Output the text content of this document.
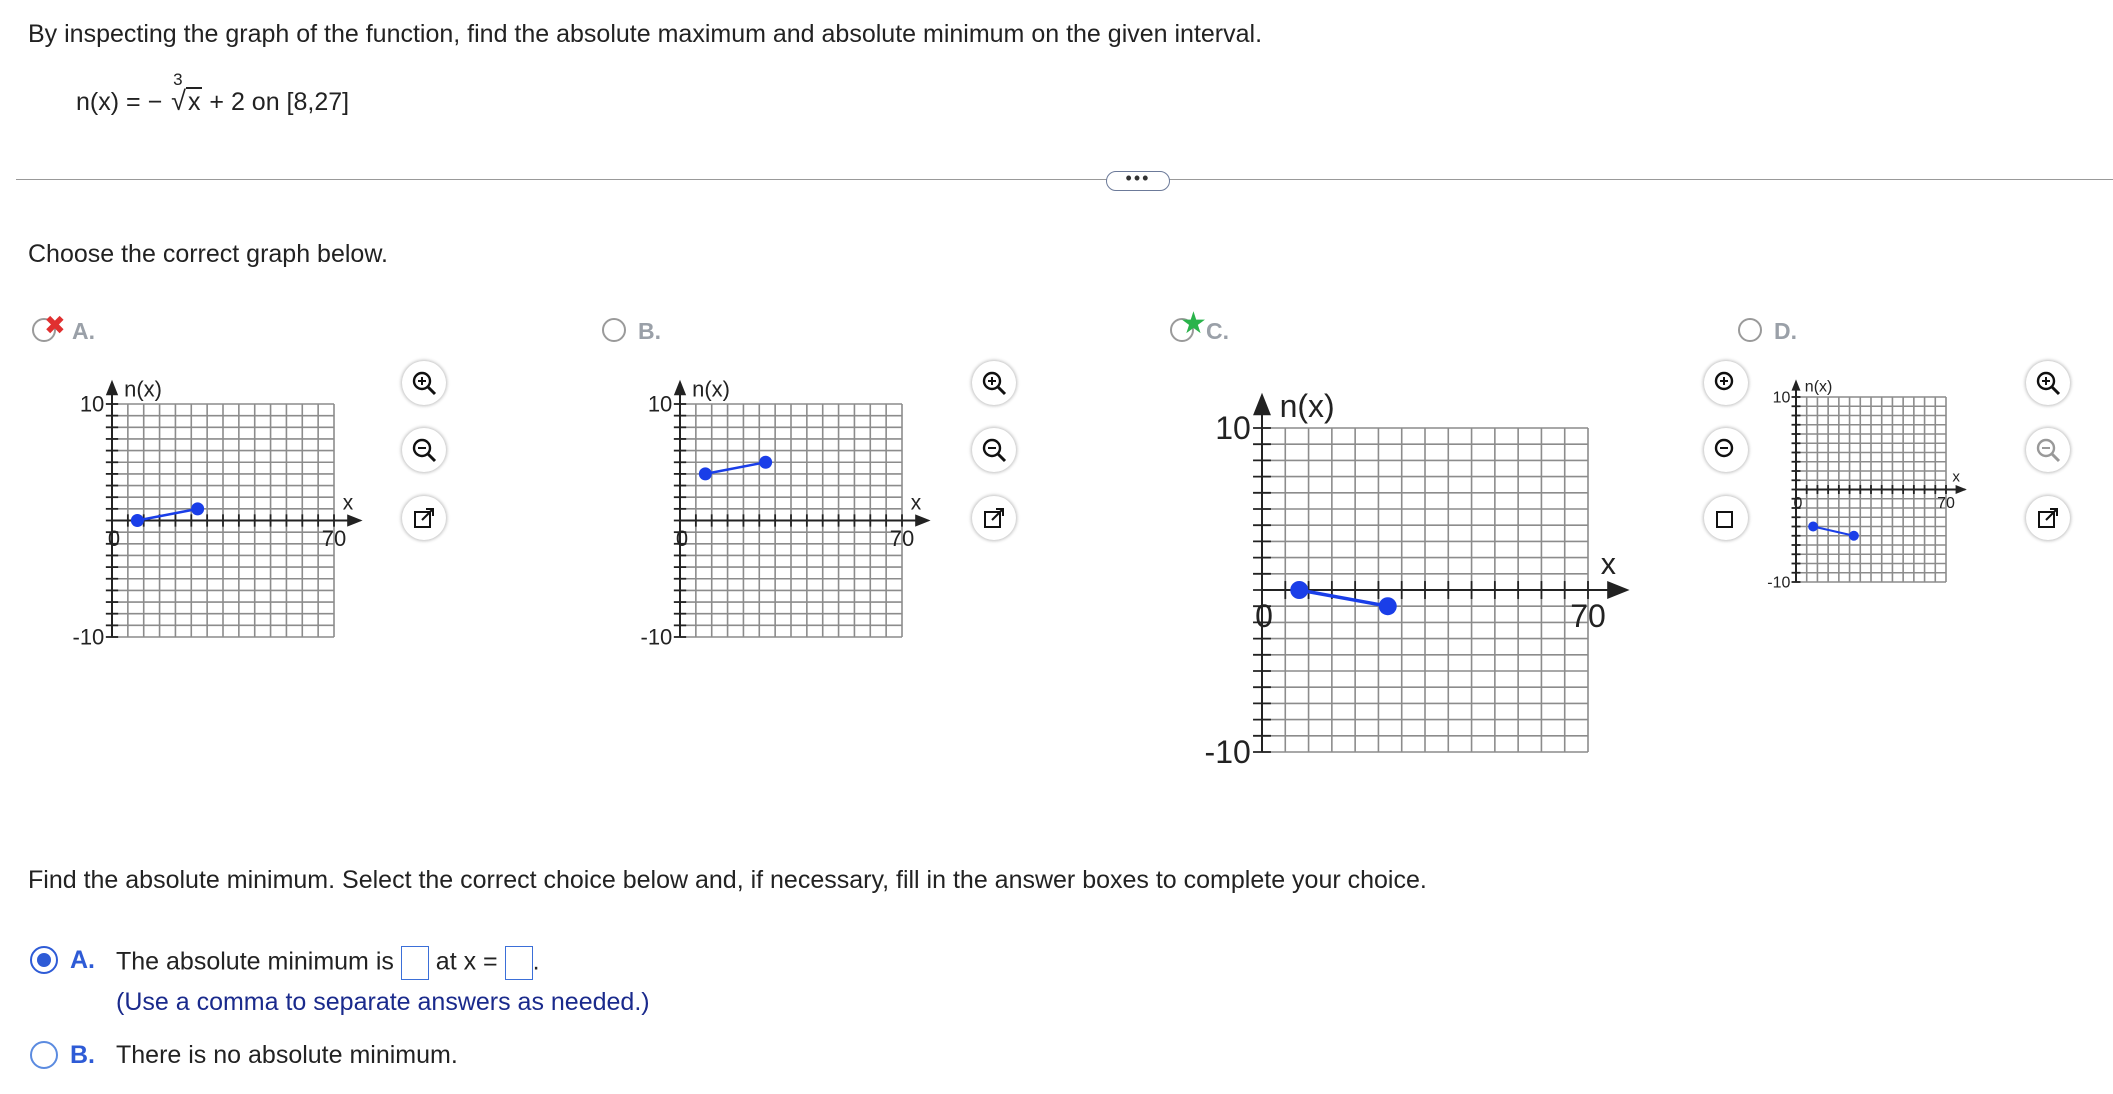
By inspecting the graph of the function, find the absolute maximum and absolute minimum on the given interval.
n(x) = −
3
√x + 2 on [8,27]
•••
Choose the correct graph below.
✖ A.	B.	★ C.	D.
n(x)
x
10
-10
0	70
n(x)
x
10
-10
0	70
n(x)
x
10
-10
0	70
n(x)
x
10
-10
0	70
Find the absolute minimum. Select the correct choice below and, if necessary, fill in the answer boxes to complete your choice.
A. The absolute minimum is at x = .
(Use a comma to separate answers as needed.)
B. There is no absolute minimum.
